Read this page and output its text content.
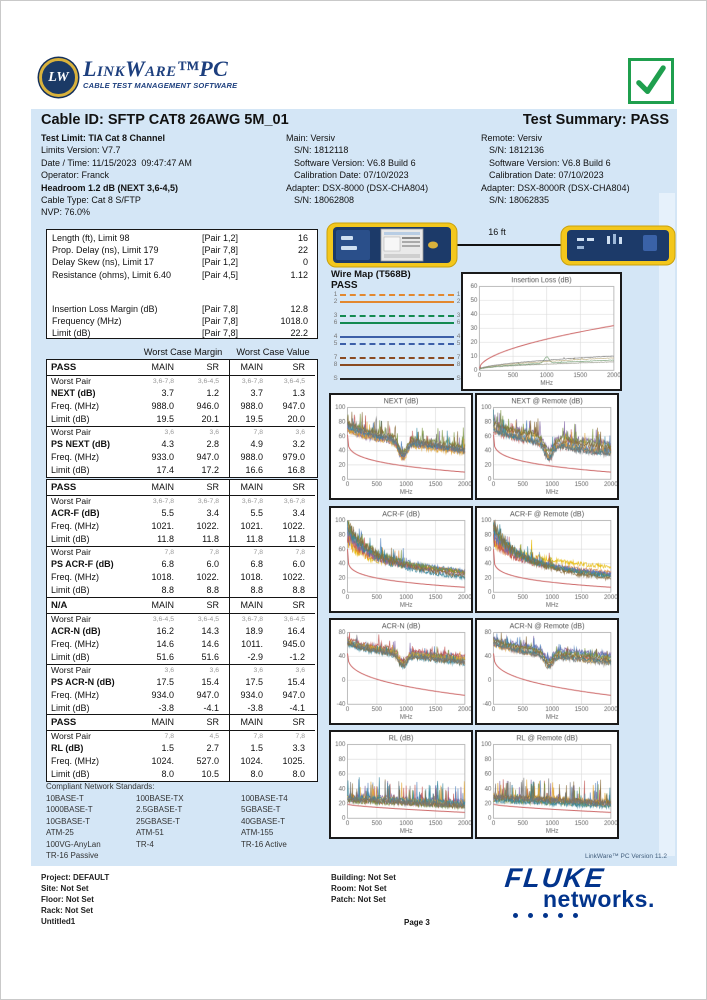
LW LinkWare™PC
CABLE TEST MANAGEMENT SOFTWARE
Cable ID: SFTP CAT8 26AWG 5M_01	Test Summary: PASS
Test Limit: TIA Cat 8 Channel
Limits Version: V7.7
Date / Time: 11/15/2023  09:47:47 AM
Operator: Franck
Headroom 1.2 dB (NEXT 3,6-4,5)
Cable Type: Cat 8 S/FTP
NVP: 76.0%
Main: Versiv
S/N: 1812118
Software Version: V6.8 Build 6
Calibration Date: 07/10/2023
Adapter: DSX-8000 (DSX-CHA804)
S/N: 18062808
Remote: Versiv
S/N: 1812136
Software Version: V6.8 Build 6
Calibration Date: 07/10/2023
Adapter: DSX-8000R (DSX-CHA804)
S/N: 18062835
Length (ft), Limit 98	[Pair 1,2]	16
Prop. Delay (ns), Limit 179	[Pair 7,8]	22
Delay Skew (ns), Limit 17	[Pair 1,2]	0
Resistance (ohms), Limit 6.40	[Pair 4,5]	1.12
Insertion Loss Margin (dB)	[Pair 7,8]	12.8
Frequency (MHz)	[Pair 7,8]	1018.0
Limit (dB)	[Pair 7,8]	22.2
16 ft
Wire Map (T568B)
PASS
1	1
2	2
3	3
6	6
4	4
5	5
7	7
8	8
S	S
Worst Case Margin	Worst Case Value
PASS	MAIN	SR	MAIN	SR
Worst Pair	3,6-7,8	3,6-4,5	3,6-7,8	3,6-4,5
NEXT (dB)	3.7	1.2	3.7	1.3
Freq. (MHz)	988.0	946.0	988.0	947.0
Limit (dB)	19.5	20.1	19.5	20.0
Worst Pair	3,6	3,6	7,8	3,6
PS NEXT (dB)	4.3	2.8	4.9	3.2
Freq. (MHz)	933.0	947.0	988.0	979.0
Limit (dB)	17.4	17.2	16.6	16.8
PASS	MAIN	SR	MAIN	SR
Worst Pair	3,6-7,8	3,6-7,8	3,6-7,8	3,6-7,8
ACR-F (dB)	5.5	3.4	5.5	3.4
Freq. (MHz)	1021.	1022.	1021.	1022.
Limit (dB)	11.8	11.8	11.8	11.8
Worst Pair	7,8	7,8	7,8	7,8
PS ACR-F (dB)	6.8	6.0	6.8	6.0
Freq. (MHz)	1018.	1022.	1018.	1022.
Limit (dB)	8.8	8.8	8.8	8.8
N/A	MAIN	SR	MAIN	SR
Worst Pair	3,6-4,5	3,6-4,5	3,6-7,8	3,6-4,5
ACR-N (dB)	16.2	14.3	18.9	16.4
Freq. (MHz)	14.6	14.6	1011.	945.0
Limit (dB)	51.6	51.6	-2.9	-1.2
Worst Pair	3,6	3,6	3,6	3,6
PS ACR-N (dB)	17.5	15.4	17.5	15.4
Freq. (MHz)	934.0	947.0	934.0	947.0
Limit (dB)	-3.8	-4.1	-3.8	-4.1
PASS	MAIN	SR	MAIN	SR
Worst Pair	7,8	4,5	7,8	7,8
RL (dB)	1.5	2.7	1.5	3.3
Freq. (MHz)	1024.	527.0	1024.	1025.
Limit (dB)	8.0	10.5	8.0	8.0
Compliant Network Standards:
10BASE-T
1000BASE-T
10GBASE-T
ATM-25
100VG-AnyLan
TR-16 Passive
100BASE-TX
2.5GBASE-T
25GBASE-T
ATM-51
TR-4
100BASE-T4
5GBASE-T
40GBASE-T
ATM-155
TR-16 Active
LinkWare™ PC Version 11.2
Project: DEFAULT
Site: Not Set
Floor: Not Set
Rack: Not Set
Untitled1
Building: Not Set
Room: Not Set
Patch: Not Set
Page 3
FLUKE
networks.
